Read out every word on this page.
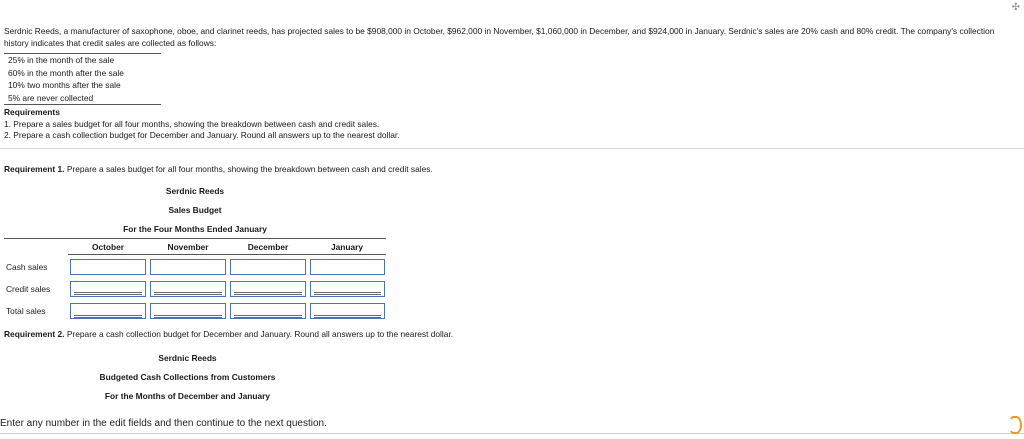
✣
Serdnic Reeds, a manufacturer of saxophone, oboe, and clarinet reeds, has projected sales to be $908,000 in October, $962,000 in November, $1,060,000 in December, and $924,000 in January. Serdnic's sales are 20% cash and 80% credit. The company's collection history indicates that credit sales are collected as follows:
25% in the month of the sale
60% in the month after the sale
10% two months after the sale
5% are never collected
Requirements
1. Prepare a sales budget for all four months, showing the breakdown between cash and credit sales.
2. Prepare a cash collection budget for December and January. Round all answers up to the nearest dollar.
Requirement 1. Prepare a sales budget for all four months, showing the breakdown between cash and credit sales.
Serdnic Reeds
Sales Budget
For the Four Months Ended January
October	November	December	January
Cash sales
Credit sales
Total sales
Requirement 2. Prepare a cash collection budget for December and January. Round all answers up to the nearest dollar.
Serdnic Reeds
Budgeted Cash Collections from Customers
For the Months of December and January
Enter any number in the edit fields and then continue to the next question.
